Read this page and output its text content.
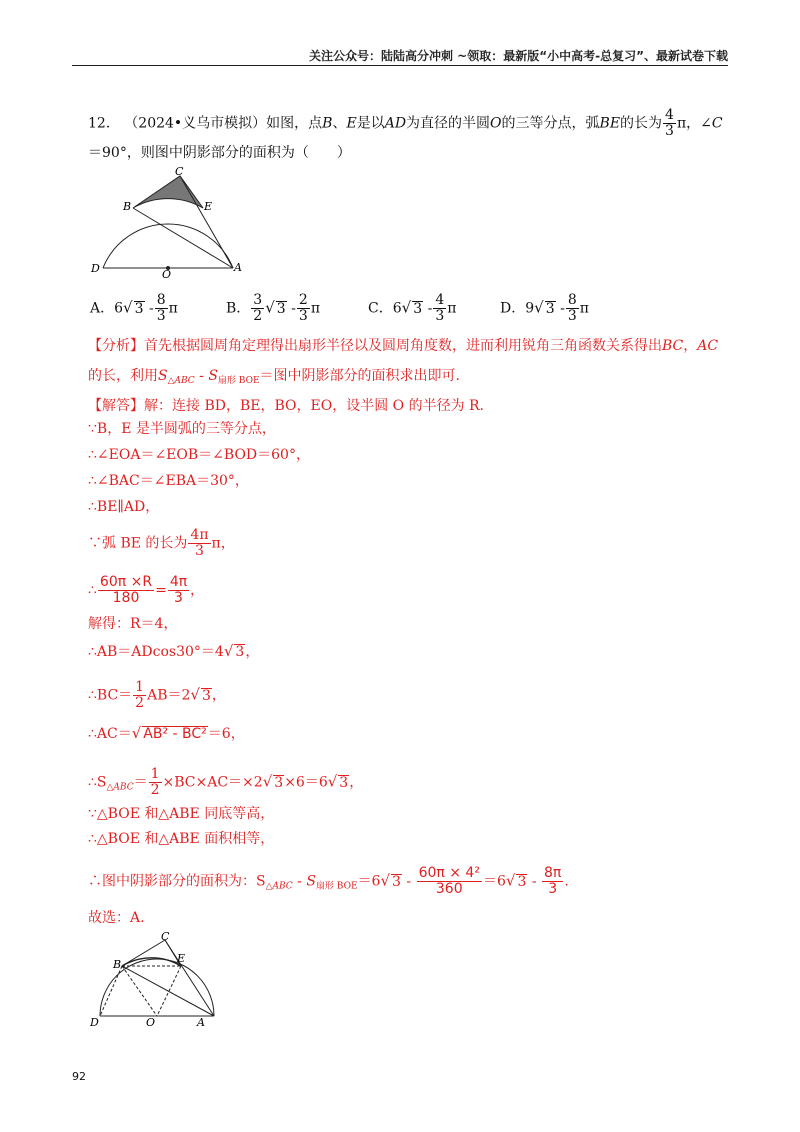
关注公众号：陆陆高分冲刺 ~领取：最新版“小中高考-总复习”、最新试卷下载
12． （2024•义乌市模拟）如图，点B、E是以AD为直径的半圆O的三等分点，弧BE的长为 $\frac{4}{3}$ π，∠C
＝90°，则图中阴影部分的面积为（　　）
C
B	E
D	O
A
A．6√ $3 - \frac{8}{3}$ π	B． $\frac{3}{2}$ √ $3 - \frac{2}{3}$ π	C．6√ $3 - \frac{4}{3}$ π	D．9√ $3 - \frac{8}{3}$ π
【分析】首先根据圆周角定理得出扇形半径以及圆周角度数，进而利用锐角三角函数关系得出BC，AC
的长，利用$S_{\triangle ABC} - S_{扇形 BOE}=$图中阴影部分的面积求出即可.
【解答】解：连接 BD，BE，BO，EO，设半圆 O 的半径为 R.
∵B，E 是半圆弧的三等分点，
∴∠EOA＝∠EOB＝∠BOD＝60°，
∴∠BAC＝∠EBA＝30°，
∴BE∥AD，
∵弧 BE 的长为 $\frac{4\pi}{3}$ π，
∴ $\frac{60\pi \times R}{180} = \frac{4\pi}{3}$ ，
解得：R＝4，
∴AB＝ADcos30°＝4√ 3，
∴BC＝ $\frac{1}{2} AB=2√$ 3，
∴AC＝√ AB² - BC²＝6，
$\therefore S_{\triangle ABC}= \frac{1}{2} \times BC\times AC=\times 2√$ 3×6＝6√ 3，
∵△BOE 和△ABE 同底等高，
∴△BOE 和△ABE 面积相等，
∴图中阴影部分的面积为：$S_{\triangle ABC} - S_{扇形 BOE}=6√$ $3 - \frac{\text{60π × 4²}}{360} =6√$ $3 - \frac{8\pi}{3}$ .
故选：A.
C
B	E
D	O	A
92
